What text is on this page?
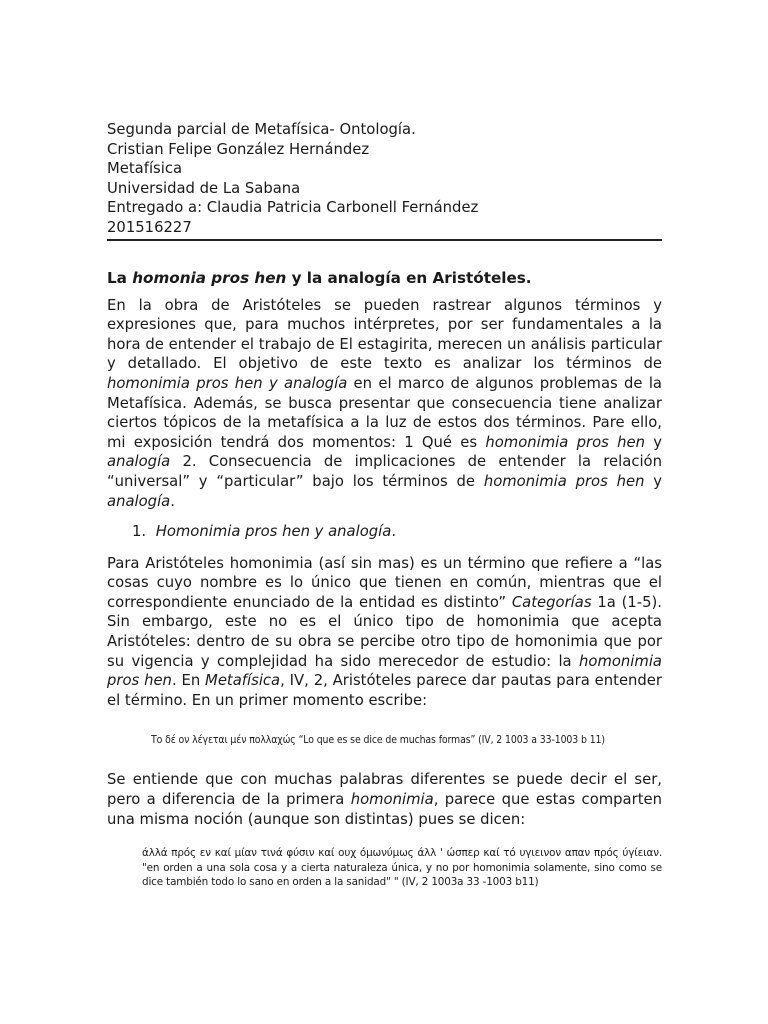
Segunda parcial de Metafísica- Ontología.
Cristian Felipe González Hernández
Metafísica
Universidad de La Sabana
Entregado a: Claudia Patricia Carbonell Fernández
201516227
La homonia pros hen y la analogía en Aristóteles.

En la obra de Aristóteles se pueden rastrear algunos términos y expresiones que, para muchos intérpretes, por ser fundamentales a la hora de entender el trabajo de El estagirita, merecen un análisis particular y detallado. El objetivo de este texto es analizar los términos de homonimia pros hen y analogía en el marco de algunos problemas de la Metafísica. Además, se busca presentar que consecuencia tiene analizar ciertos tópicos de la metafísica a la luz de estos dos términos. Pare ello, mi exposición tendrá dos momentos: 1 Qué es homonimia pros hen y analogía 2. Consecuencia de implicaciones de entender la relación “universal” y “particular” bajo los términos de homonimia pros hen y analogía.

1. Homonimia pros hen y analogía.

Para Aristóteles homonimia (así sin mas) es un término que refiere a “las cosas cuyo nombre es lo único que tienen en común, mientras que el correspondiente enunciado de la entidad es distinto” Categorías 1a (1-5). Sin embargo, este no es el único tipo de homonimia que acepta Aristóteles: dentro de su obra se percibe otro tipo de homonimia que por su vigencia y complejidad ha sido merecedor de estudio: la homonimia pros hen. En Metafísica, IV, 2, Aristóteles parece dar pautas para entender el término. En un primer momento escribe:

Το δέ ον λέγεται μέν πολλαχώς “Lo que es se dice de muchas formas” (IV, 2 1003 a 33-1003 b 11)

Se entiende que con muchas palabras diferentes se puede decir el ser, pero a diferencia de la primera homonimia, parece que estas comparten una misma noción (aunque son distintas) pues se dicen:

άλλά πρός εν καί μίαν τινά φύσιν καί ουχ όμωνύμως άλλ ' ώσπερ καί τό υγιεινον απαν πρός ύγίειαν. "en orden a una sola cosa y a cierta naturaleza única, y no por homonimia solamente, sino como se dice también todo lo sano en orden a la sanidad" " (IV, 2 1003a 33 -1003 b11)
